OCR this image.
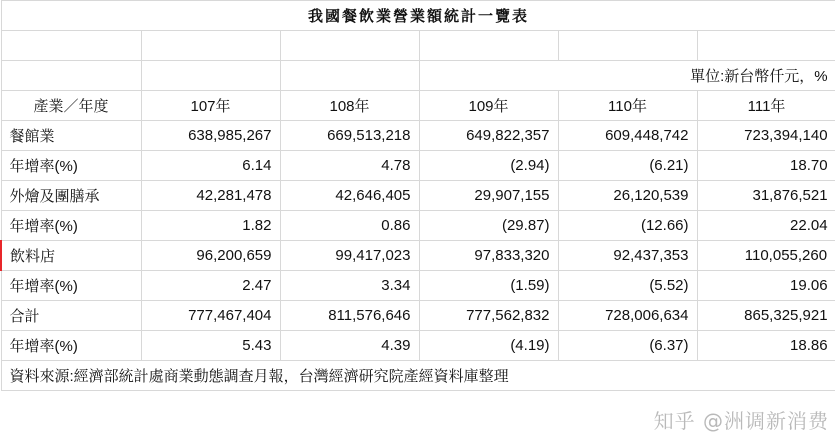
我國餐飲業營業額統計一覽表					

			單位:新台幣仟元，%		
產業／年度	107年	108年	109年	110年	111年
餐館業	638,985,267	669,513,218	649,822,357	609,448,742	723,394,140
年增率(%)	6.14	4.78	(2.94)	(6.21)	18.70
外燴及團膳承	42,281,478	42,646,405	29,907,155	26,120,539	31,876,521
年增率(%)	1.82	0.86	(29.87)	(12.66)	22.04
飲料店	96,200,659	99,417,023	97,833,320	92,437,353	110,055,260
年增率(%)	2.47	3.34	(1.59)	(5.52)	19.06
合計	777,467,404	811,576,646	777,562,832	728,006,634	865,325,921
年增率(%)	5.43	4.39	(4.19)	(6.37)	18.86
資料來源:經濟部統計處商業動態調查月報，台灣經濟研究院產經資料庫整理					
知乎 @洲调新消费
